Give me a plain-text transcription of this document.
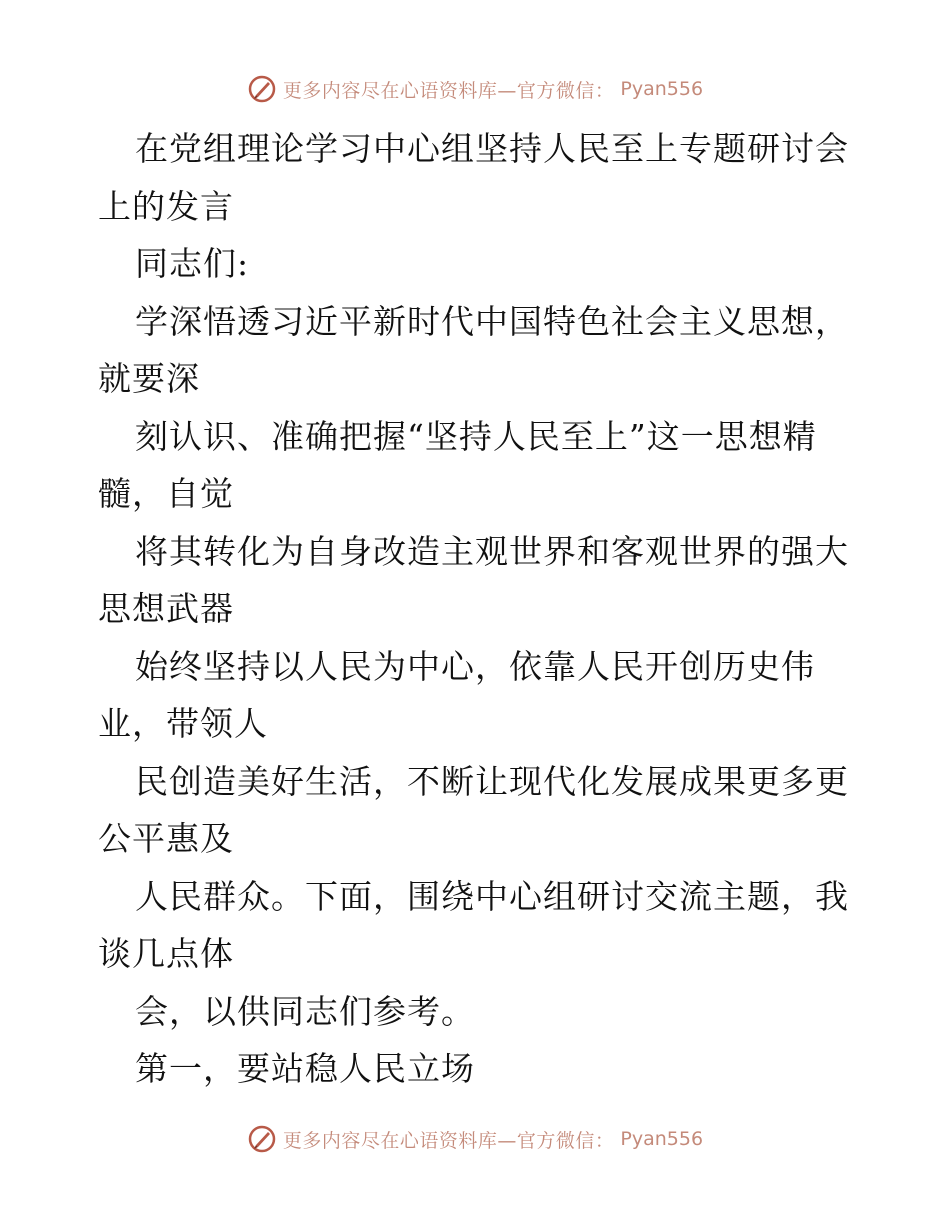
更多内容尽在心语资料库—官方微信： Pyan556
在党组理论学习中心组坚持人民至上专题研讨会
上的发言
同志们:
学深悟透习近平新时代中国特色社会主义思想，
就要深
刻认识、准确把握“坚持人民至上”这一思想精
髓，自觉
将其转化为自身改造主观世界和客观世界的强大
思想武器
始终坚持以人民为中心，依靠人民开创历史伟
业，带领人
民创造美好生活，不断让现代化发展成果更多更
公平惠及
人民群众。下面，围绕中心组研讨交流主题，我
谈几点体
会，以供同志们参考。
第一，要站稳人民立场
更多内容尽在心语资料库—官方微信： Pyan556
